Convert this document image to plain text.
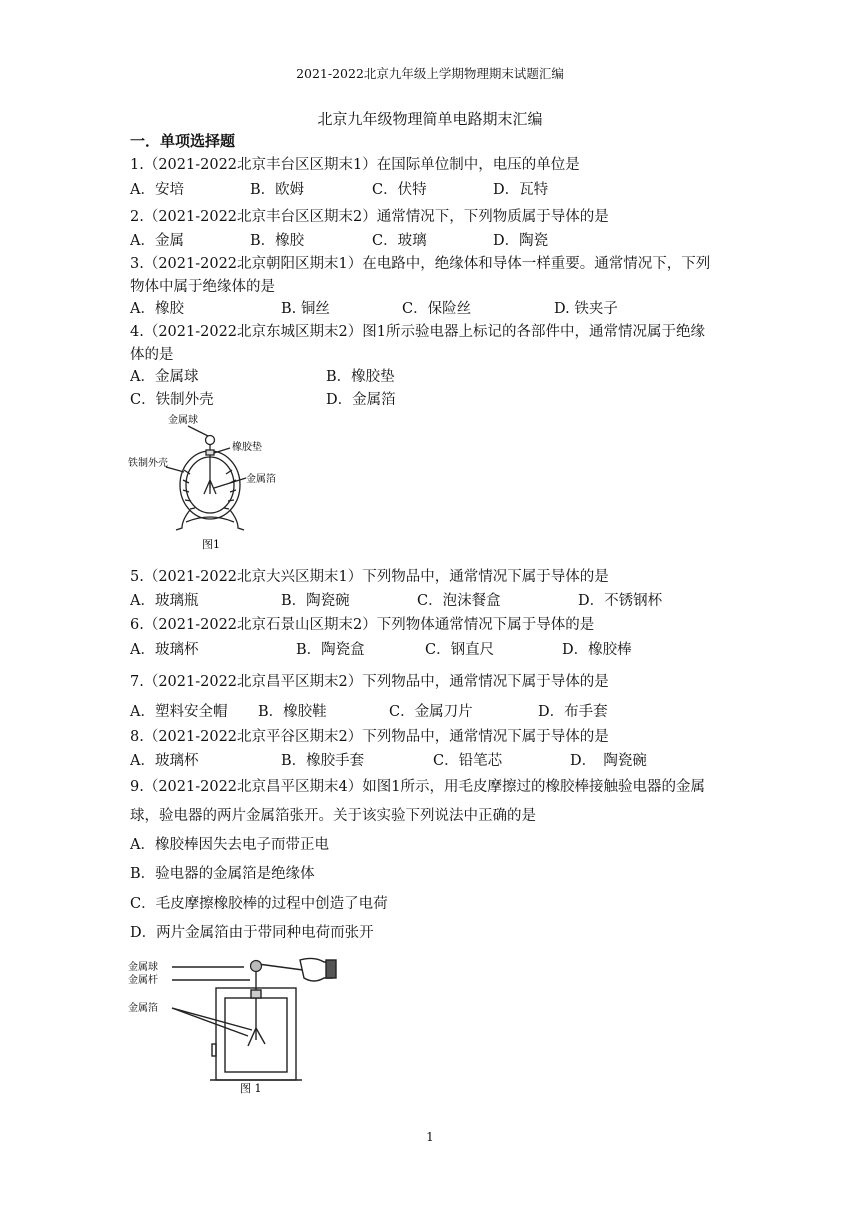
2021-2022北京九年级上学期物理期末试题汇编
北京九年级物理简单电路期末汇编
一．单项选择题
1.（2021-2022北京丰台区区期末1）在国际单位制中，电压的单位是
A．安培	B．欧姆	C．伏特	D．瓦特
2.（2021-2022北京丰台区区期末2）通常情况下，下列物质属于导体的是
A．金属	B．橡胶	C．玻璃	D．陶瓷
3.（2021-2022北京朝阳区期末1）在电路中，绝缘体和导体一样重要。通常情况下，下列
物体中属于绝缘体的是
A．橡胶	B. 铜丝	C．保险丝	D. 铁夹子
4.（2021-2022北京东城区期末2）图1所示验电器上标记的各部件中，通常情况属于绝缘
体的是
A．金属球	B．橡胶垫
C．铁制外壳	D．金属箔
金属球
橡胶垫
铁制外壳
金属箔
图1
5.（2021-2022北京大兴区期末1）下列物品中，通常情况下属于导体的是
A．玻璃瓶	B．陶瓷碗	C．泡沫餐盒	D．不锈钢杯
6.（2021-2022北京石景山区期末2）下列物体通常情况下属于导体的是
A．玻璃杯	B．陶瓷盒	C．钢直尺	D．橡胶棒
7.（2021-2022北京昌平区期末2）下列物品中，通常情况下属于导体的是
A．塑料安全帽 B．橡胶鞋	C．金属刀片	D．布手套
8.（2021-2022北京平谷区期末2）下列物品中，通常情况下属于导体的是
A．玻璃杯	B．橡胶手套	C．铅笔芯	D．　陶瓷碗
9.（2021-2022北京昌平区期末4）如图1所示，用毛皮摩擦过的橡胶棒接触验电器的金属
球，验电器的两片金属箔张开。关于该实验下列说法中正确的是
A．橡胶棒因失去电子而带正电
B．验电器的金属箔是绝缘体
C．毛皮摩擦橡胶棒的过程中创造了电荷
D．两片金属箔由于带同种电荷而张开
金属球
金属杆
金属箔
图 1
1
